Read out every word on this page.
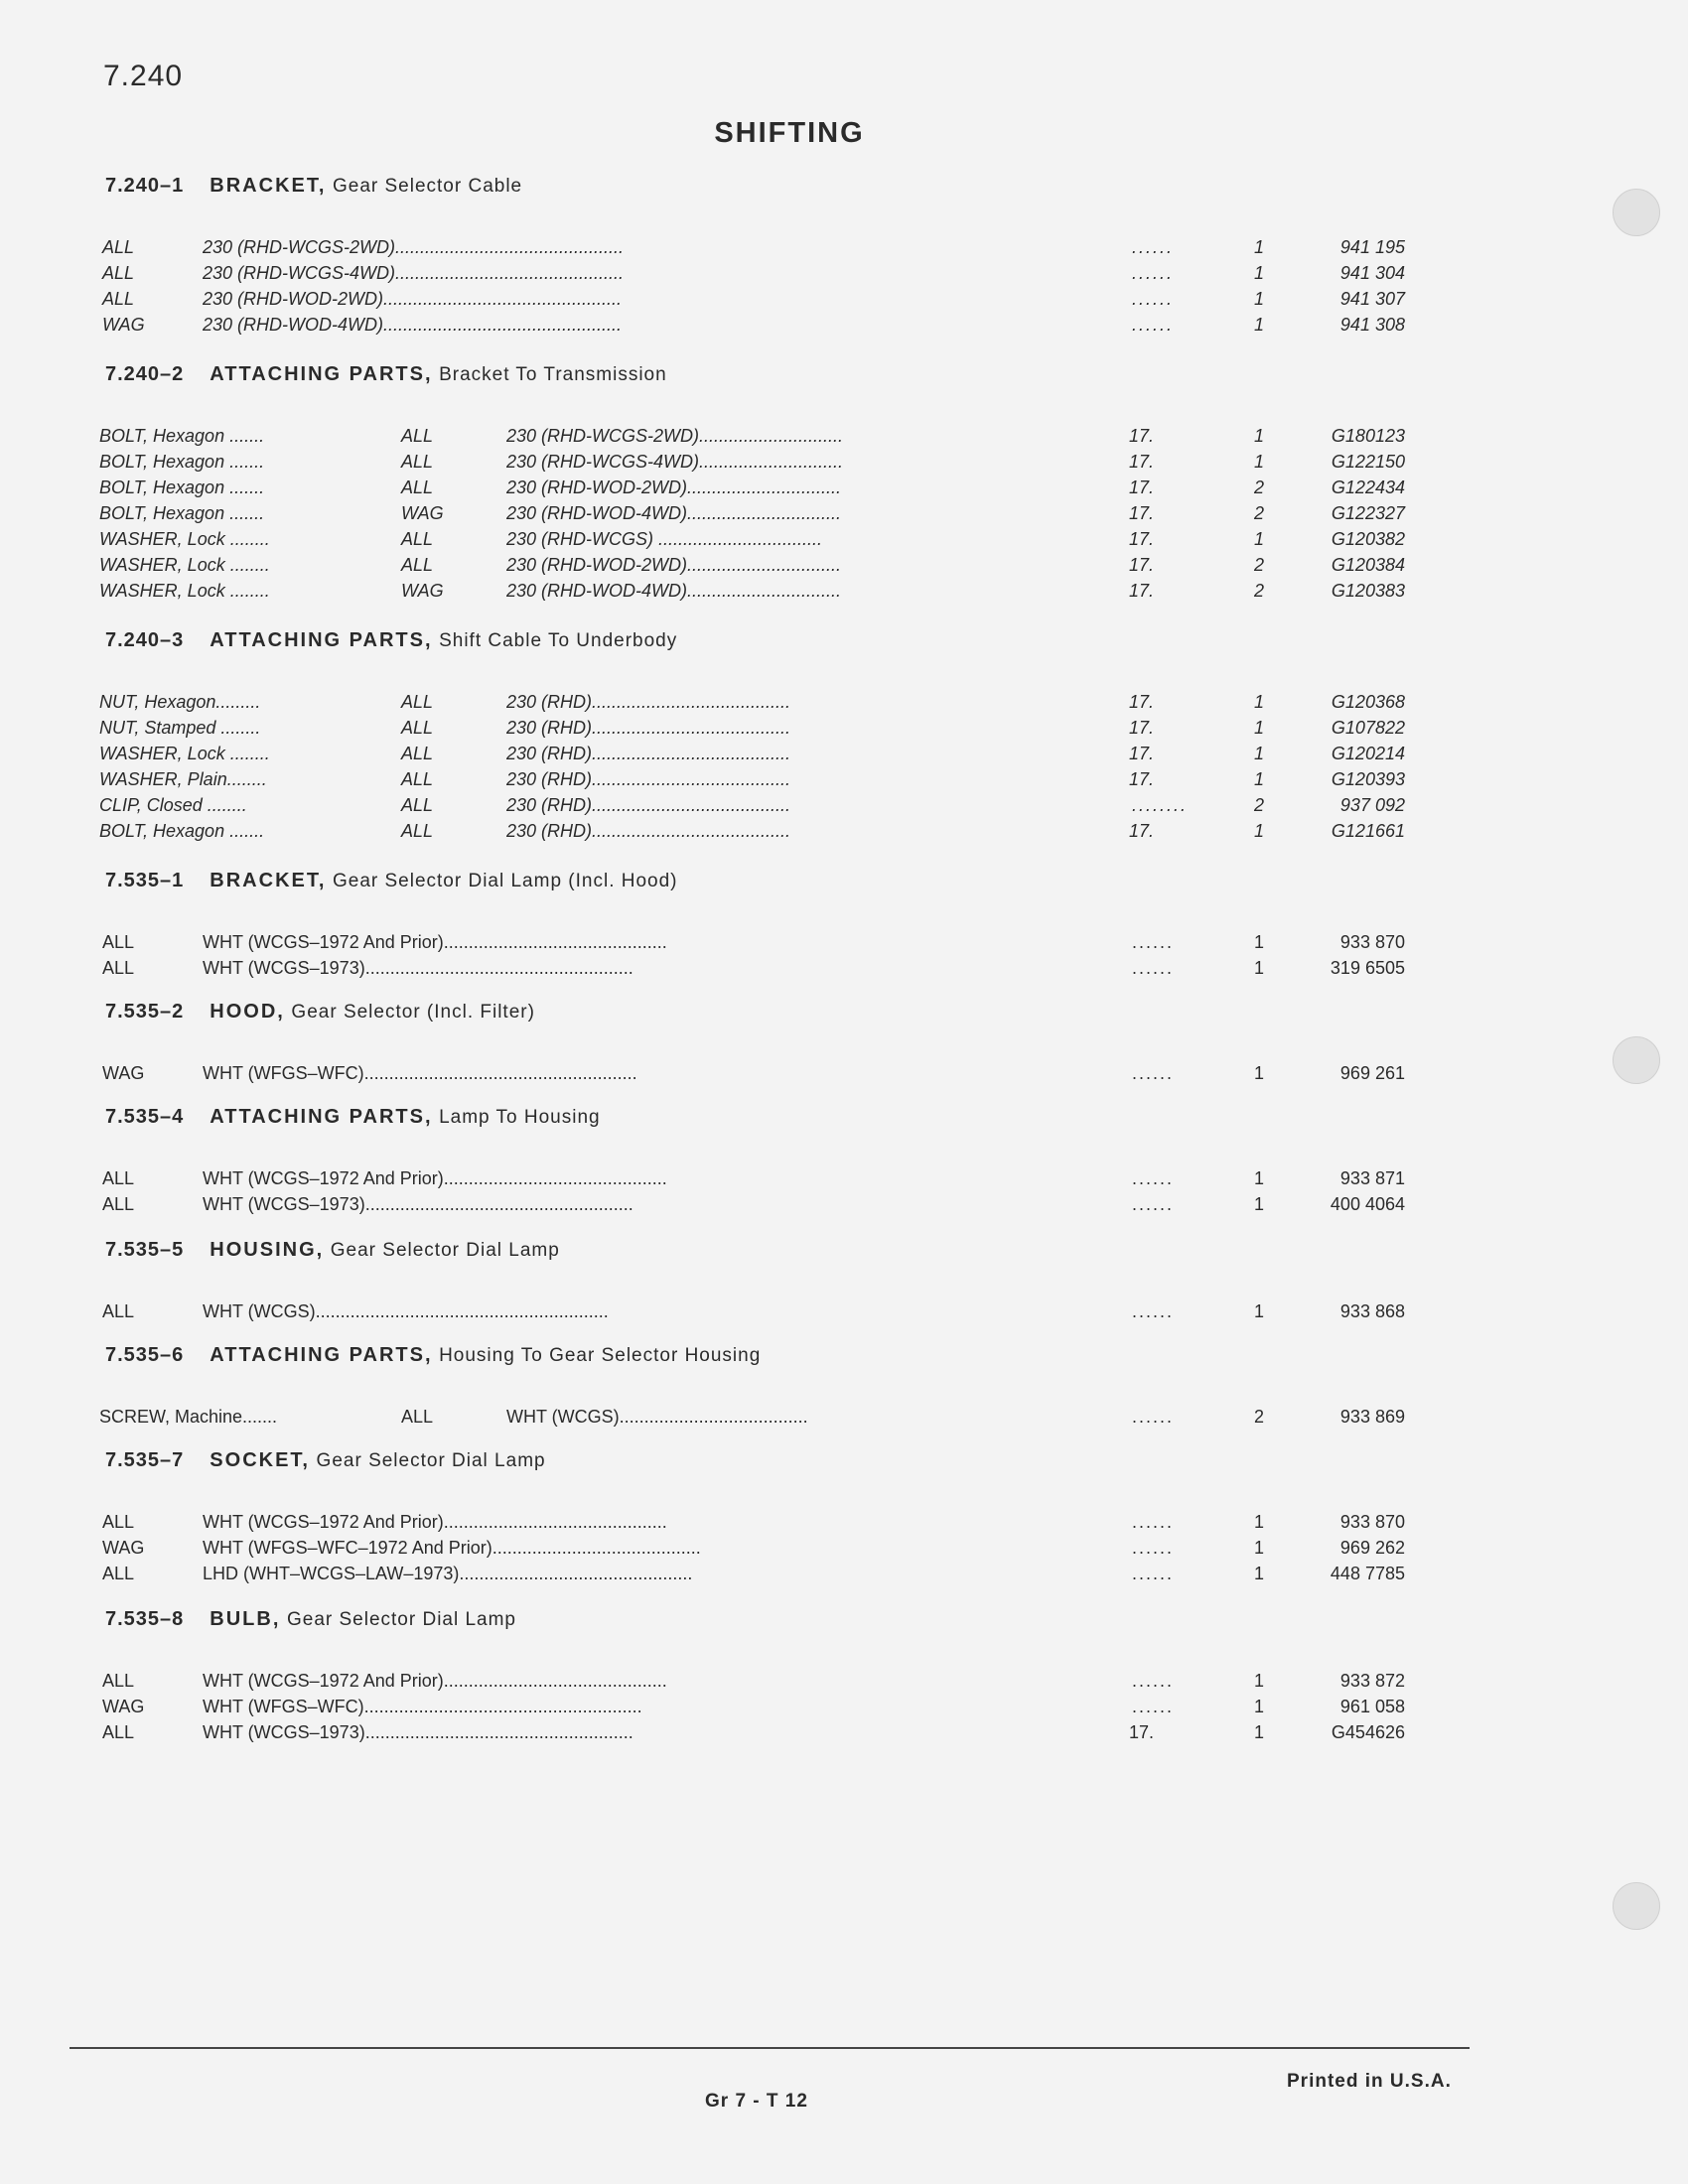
7.240
SHIFTING
7.240–1 BRACKET, Gear Selector Cable
ALL	230 (RHD-WCGS-2WD)..............................................	......	1	941 195
ALL	230 (RHD-WCGS-4WD)..............................................	......	1	941 304
ALL	230 (RHD-WOD-2WD)................................................	......	1	941 307
WAG	230 (RHD-WOD-4WD)................................................	......	1	941 308
7.240–2 ATTACHING PARTS, Bracket To Transmission
BOLT, Hexagon .......	ALL	230 (RHD-WCGS-2WD).............................	17.	1	G180123
BOLT, Hexagon .......	ALL	230 (RHD-WCGS-4WD).............................	17.	1	G122150
BOLT, Hexagon .......	ALL	230 (RHD-WOD-2WD)...............................	17.	2	G122434
BOLT, Hexagon .......	WAG	230 (RHD-WOD-4WD)...............................	17.	2	G122327
WASHER, Lock ........	ALL	230 (RHD-WCGS) .................................	17.	1	G120382
WASHER, Lock ........	ALL	230 (RHD-WOD-2WD)...............................	17.	2	G120384
WASHER, Lock ........	WAG	230 (RHD-WOD-4WD)...............................	17.	2	G120383
7.240–3 ATTACHING PARTS, Shift Cable To Underbody
NUT, Hexagon.........	ALL	230 (RHD)........................................	17.	1	G120368
NUT, Stamped ........	ALL	230 (RHD)........................................	17.	1	G107822
WASHER, Lock ........	ALL	230 (RHD)........................................	17.	1	G120214
WASHER, Plain........	ALL	230 (RHD)........................................	17.	1	G120393
CLIP, Closed ........	ALL	230 (RHD)........................................	........	2	937 092
BOLT, Hexagon .......	ALL	230 (RHD)........................................	17.	1	G121661
7.535–1 BRACKET, Gear Selector Dial Lamp (Incl. Hood)
ALL	WHT (WCGS–1972 And Prior).............................................	......	1	933 870
ALL	WHT (WCGS–1973)......................................................	......	1	319 6505
7.535–2 HOOD, Gear Selector (Incl. Filter)
WAG	WHT (WFGS–WFC).......................................................	......	1	969 261
7.535–4 ATTACHING PARTS, Lamp To Housing
ALL	WHT (WCGS–1972 And Prior).............................................	......	1	933 871
ALL	WHT (WCGS–1973)......................................................	......	1	400 4064
7.535–5 HOUSING, Gear Selector Dial Lamp
ALL	WHT (WCGS)...........................................................	......	1	933 868
7.535–6 ATTACHING PARTS, Housing To Gear Selector Housing
SCREW, Machine.......	ALL	WHT (WCGS)......................................	......	2	933 869
7.535–7 SOCKET, Gear Selector Dial Lamp
ALL	WHT (WCGS–1972 And Prior).............................................	......	1	933 870
WAG	WHT (WFGS–WFC–1972 And Prior)..........................................	......	1	969 262
ALL	LHD (WHT–WCGS–LAW–1973)...............................................	......	1	448 7785
7.535–8 BULB, Gear Selector Dial Lamp
ALL	WHT (WCGS–1972 And Prior).............................................	......	1	933 872
WAG	WHT (WFGS–WFC)........................................................	......	1	961 058
ALL	WHT (WCGS–1973)......................................................	17.	1	G454626
Printed in U.S.A.
Gr 7 - T 12
